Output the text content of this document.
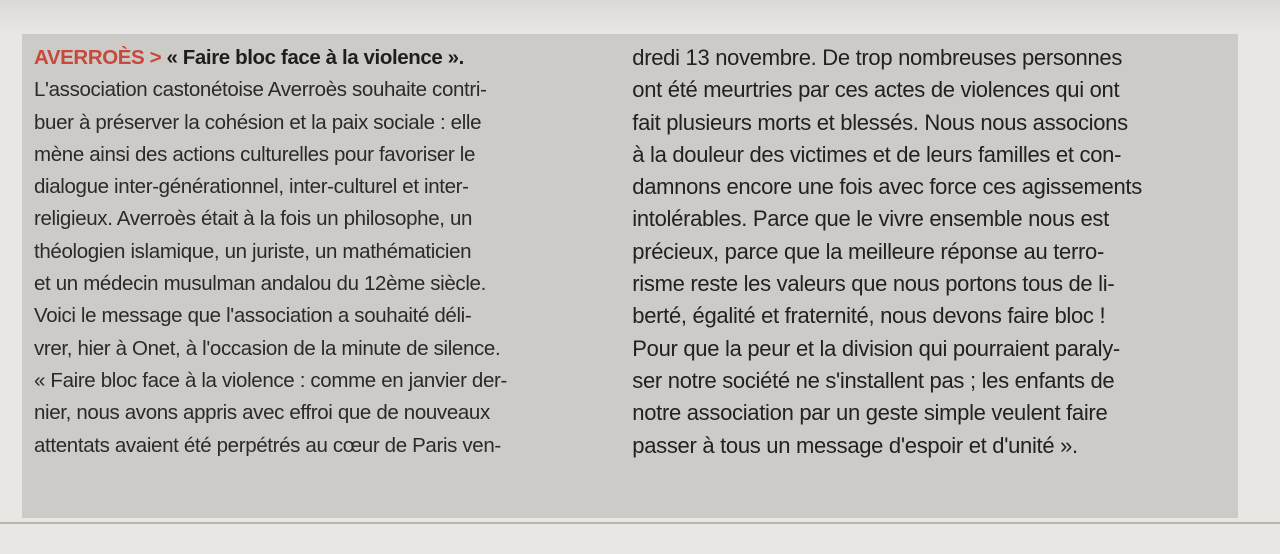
AVERROÈS > « Faire bloc face à la violence ».
L'association castonétoise Averroès souhaite contri-
buer à préserver la cohésion et la paix sociale : elle
mène ainsi des actions culturelles pour favoriser le
dialogue inter-générationnel, inter-culturel et inter-
religieux. Averroès était à la fois un philosophe, un
théologien islamique, un juriste, un mathématicien
et un médecin musulman andalou du 12ème siècle.
Voici le message que l'association a souhaité déli-
vrer, hier à Onet, à l'occasion de la minute de silence.
« Faire bloc face à la violence : comme en janvier der-
nier, nous avons appris avec effroi que de nouveaux
attentats avaient été perpétrés au cœur de Paris ven-
dredi 13 novembre. De trop nombreuses personnes
ont été meurtries par ces actes de violences qui ont
fait plusieurs morts et blessés. Nous nous associons
à la douleur des victimes et de leurs familles et con-
damnons encore une fois avec force ces agissements
intolérables. Parce que le vivre ensemble nous est
précieux, parce que la meilleure réponse au terro-
risme reste les valeurs que nous portons tous de li-
berté, égalité et fraternité, nous devons faire bloc !
Pour que la peur et la division qui pourraient paraly-
ser notre société ne s'installent pas ; les enfants de
notre association par un geste simple veulent faire
passer à tous un message d'espoir et d'unité ».
